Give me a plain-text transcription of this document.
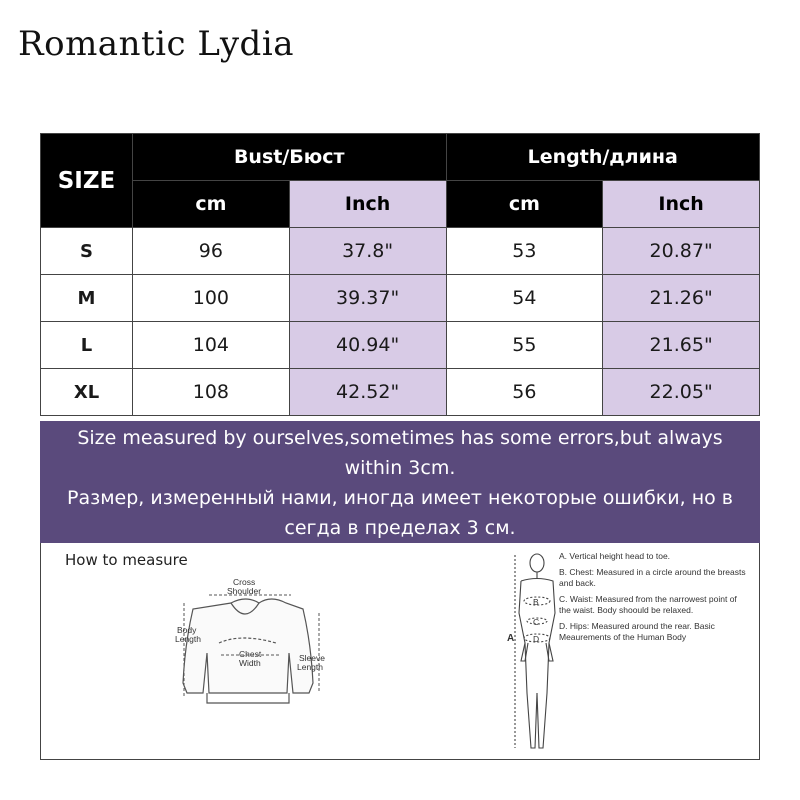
Romantic Lydia
SIZE	Bust/Бюст		Length/длина	
	cm	Inch	cm	Inch
S	96	37.8"	53	20.87"
M	100	39.37"	54	21.26"
L	104	40.94"	55	21.65"
XL	108	42.52"	56	22.05"

Size measured by ourselves,sometimes has some errors,but always

within 3cm.

Размер, измеренный нами, иногда имеет некоторые ошибки, но в

сегда в пределах 3 см.

How to measure
Cross
Shoulder
Body
Length
Chest
Width	Sleeve
Length
A
B
C
D
A. Vertical height head to toe.
B. Chest: Measured in a circle around the breasts and back.
C. Waist: Measured from the narrowest point of the waist. Body shoould be relaxed.
D. Hips: Measured around the rear. Basic Meaurements of the Human Body
